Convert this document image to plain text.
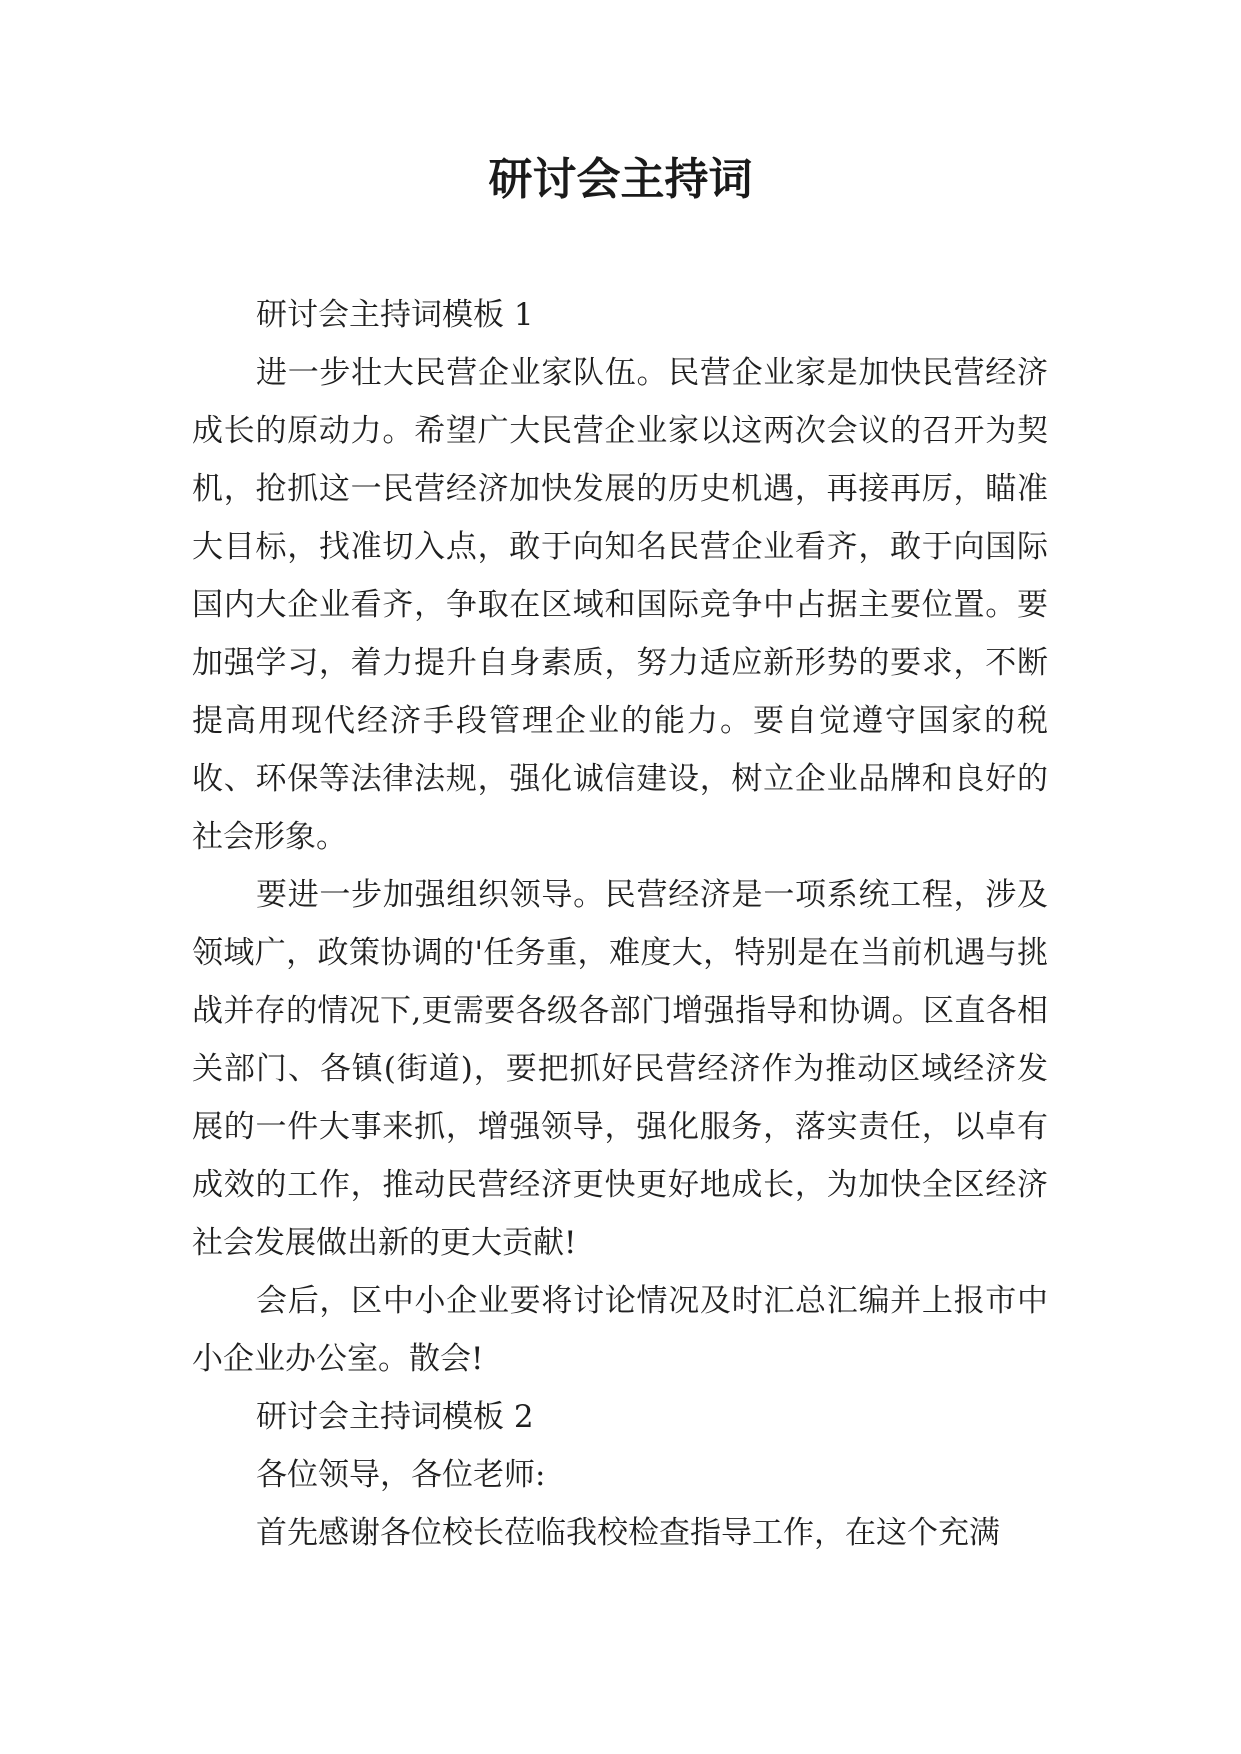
研讨会主持词

研讨会主持词模板 1

进一步壮大民营企业家队伍。民营企业家是加快民营经济成长的原动力。希望广大民营企业家以这两次会议的召开为契机，抢抓这一民营经济加快发展的历史机遇，再接再厉，瞄准大目标，找准切入点，敢于向知名民营企业看齐，敢于向国际国内大企业看齐，争取在区域和国际竞争中占据主要位置。要加强学习，着力提升自身素质，努力适应新形势的要求，不断提高用现代经济手段管理企业的能力。要自觉遵守国家的税收、环保等法律法规，强化诚信建设，树立企业品牌和良好的社会形象。

要进一步加强组织领导。民营经济是一项系统工程，涉及领域广，政策协调的'任务重，难度大，特别是在当前机遇与挑战并存的情况下,更需要各级各部门增强指导和协调。区直各相关部门、各镇(街道)，要把抓好民营经济作为推动区域经济发展的一件大事来抓，增强领导，强化服务，落实责任，以卓有成效的工作，推动民营经济更快更好地成长，为加快全区经济社会发展做出新的更大贡献!

会后，区中小企业要将讨论情况及时汇总汇编并上报市中小企业办公室。散会!

研讨会主持词模板 2

各位领导，各位老师:

首先感谢各位校长莅临我校检查指导工作，在这个充满
